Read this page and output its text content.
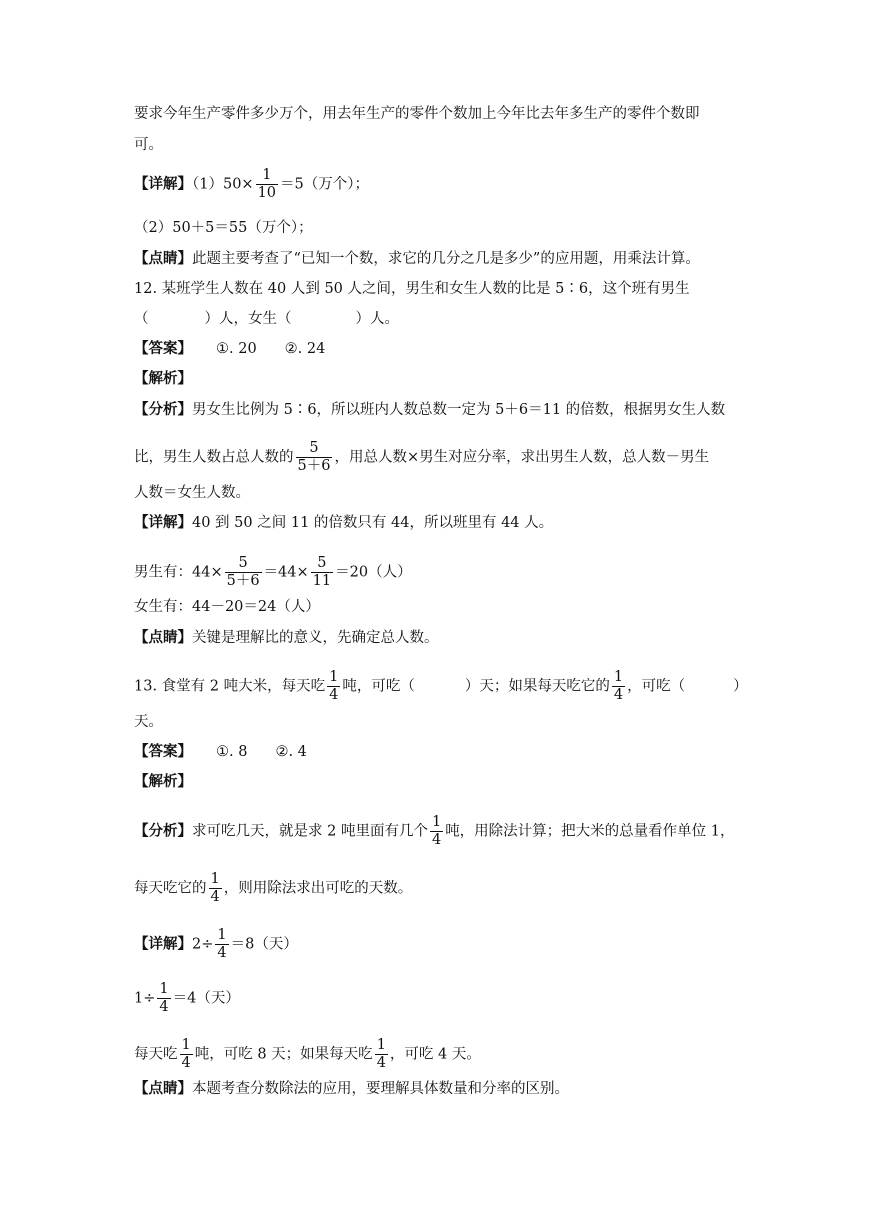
要求今年生产零件多少万个，用去年生产的零件个数加上今年比去年多生产的零件个数即
可。
【详解】$(1)50\times \frac{1}{10} =5$（万个）；
（2）50＋5＝55（万个）；
【点睛】此题主要考查了“已知一个数，求它的几分之几是多少”的应用题，用乘法计算。
12. 某班学生人数在 40 人到 50 人之间，男生和女生人数的比是 5∶6，这个班有男生
（	）人，女生（	）人。
【答案】 ①. 20 ②. 24
【解析】
【分析】男女生比例为 5∶6，所以班内人数总数一定为 5＋6＝11 的倍数，根据男女生人数
比，男生人数占总人数的 $\frac{5}{5+6}$ ，用总人数×男生对应分率，求出男生人数，总人数－男生
人数＝女生人数。
【详解】40 到 50 之间 11 的倍数只有 44，所以班里有 44 人。
男生有：$44\times \frac{5}{5+6} =44\times \frac{5}{11} =20$（人）
女生有：44－20＝24（人）
【点睛】关键是理解比的意义，先确定总人数。
13. 食堂有 2 吨大米，每天吃 $\frac{1}{4}$ 吨，可吃（	）天；如果每天吃它的 $\frac{1}{4}$ ，可吃（	）
天。
【答案】 ①. 8 ②. 4
【解析】
【分析】求可吃几天，就是求 2 吨里面有几个 $\frac{1}{4}$ 吨，用除法计算；把大米的总量看作单位 1，
每天吃它的 $\frac{1}{4}$ ，则用除法求出可吃的天数。
【详解】$2\div \frac{1}{4} =8$（天）
$1\div \frac{1}{4} =4$（天）
每天吃 $\frac{1}{4}$ 吨，可吃 8 天；如果每天吃 $\frac{1}{4}$ ，可吃 4 天。
【点睛】本题考查分数除法的应用，要理解具体数量和分率的区别。
